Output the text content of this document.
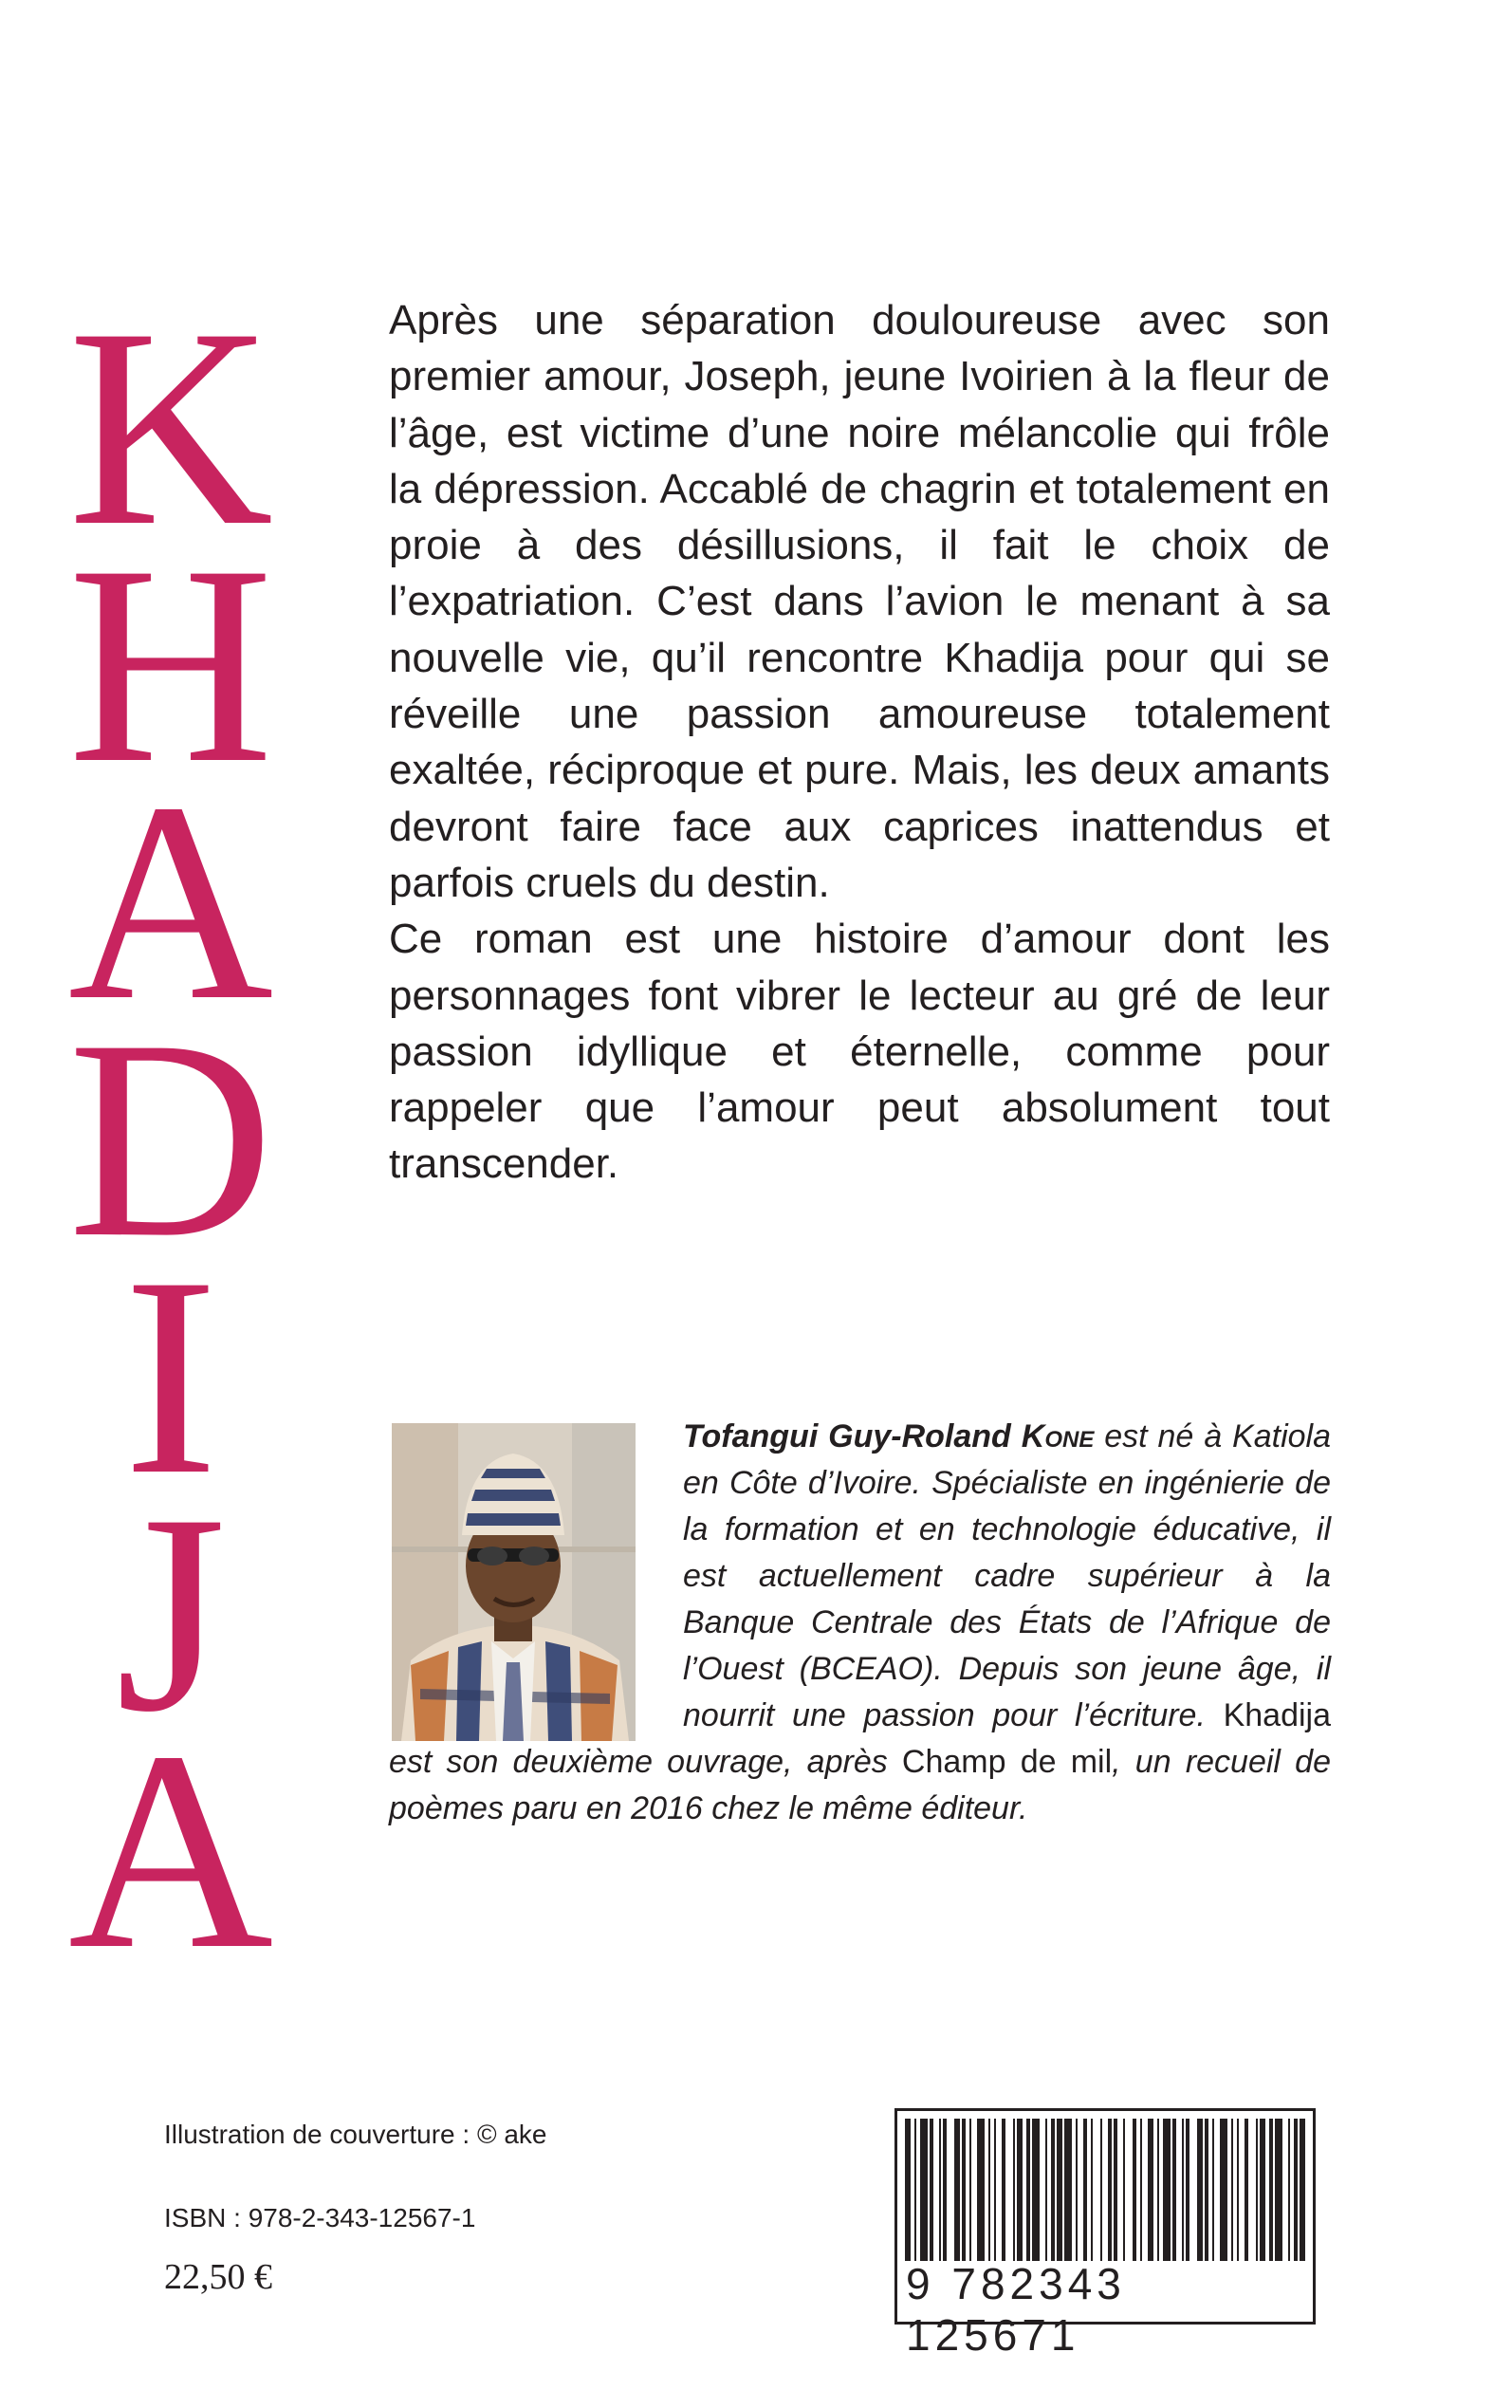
K
H
A
D
I
J
A

Après une séparation douloureuse avec son premier amour, Joseph, jeune Ivoirien à la fleur de l’âge, est victime d’une noire mélancolie qui frôle la dépression. Accablé de chagrin et totalement en proie à des désillusions, il fait le choix de l’expatriation. C’est dans l’avion le menant à sa nouvelle vie, qu’il rencontre Khadija pour qui se réveille une passion amoureuse totalement exaltée, réciproque et pure. Mais, les deux amants devront faire face aux caprices inattendus et parfois cruels du destin.

Ce roman est une histoire d’amour dont les personnages font vibrer le lecteur au gré de leur passion idyllique et éternelle, comme pour rappeler que l’amour peut absolument tout transcender.

Tofangui Guy-Roland Kone est né à Katiola en Côte d’Ivoire. Spécialiste en ingénierie de la formation et en technologie éducative, il est actuellement cadre supérieur à la Banque Centrale des États de l’Afrique de l’Ouest (BCEAO). Depuis son jeune âge, il nourrit une passion pour l’écriture. Khadija est son deuxième ouvrage, après Champ de mil, un recueil de poèmes paru en 2016 chez le même éditeur.
Illustration de couverture : © ake
ISBN : 978-2-343-12567-1
22,50 €	9 782343 125671
